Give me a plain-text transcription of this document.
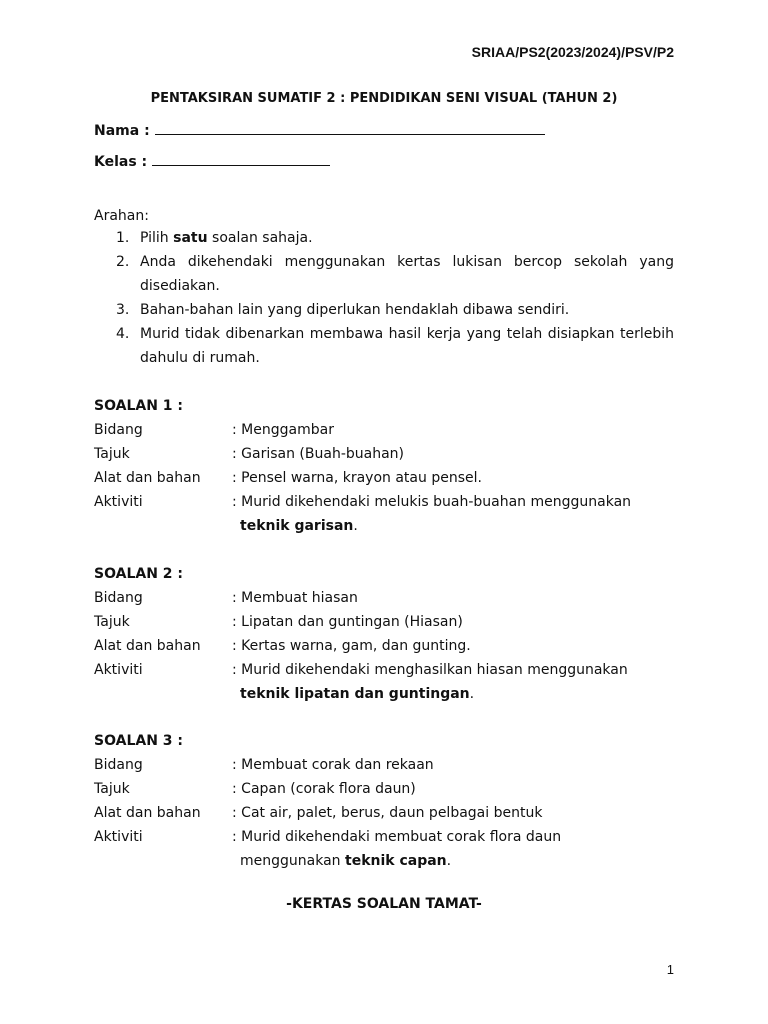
SRIAA/PS2(2023/2024)/PSV/P2
PENTAKSIRAN SUMATIF 2 : PENDIDIKAN SENI VISUAL (TAHUN 2)
Nama :
Kelas :
Arahan:
1. Pilih satu soalan sahaja.
2. Anda dikehendaki menggunakan kertas lukisan bercop sekolah yang disediakan.
3. Bahan-bahan lain yang diperlukan hendaklah dibawa sendiri.
4. Murid tidak dibenarkan membawa hasil kerja yang telah disiapkan terlebih dahulu di rumah.
SOALAN 1 :
Bidang	: Menggambar
Tajuk	: Garisan (Buah-buahan)
Alat dan bahan	: Pensel warna, krayon atau pensel.
Aktiviti	: Murid dikehendaki melukis buah-buahan menggunakan
teknik garisan.
SOALAN 2 :
Bidang	: Membuat hiasan
Tajuk	: Lipatan dan guntingan (Hiasan)
Alat dan bahan	: Kertas warna, gam, dan gunting.
Aktiviti	: Murid dikehendaki menghasilkan hiasan menggunakan
teknik lipatan dan guntingan.
SOALAN 3 :
Bidang	: Membuat corak dan rekaan
Tajuk	: Capan (corak flora daun)
Alat dan bahan	: Cat air, palet, berus, daun pelbagai bentuk
Aktiviti	: Murid dikehendaki membuat corak flora daun
menggunakan teknik capan.
-KERTAS SOALAN TAMAT-
1
